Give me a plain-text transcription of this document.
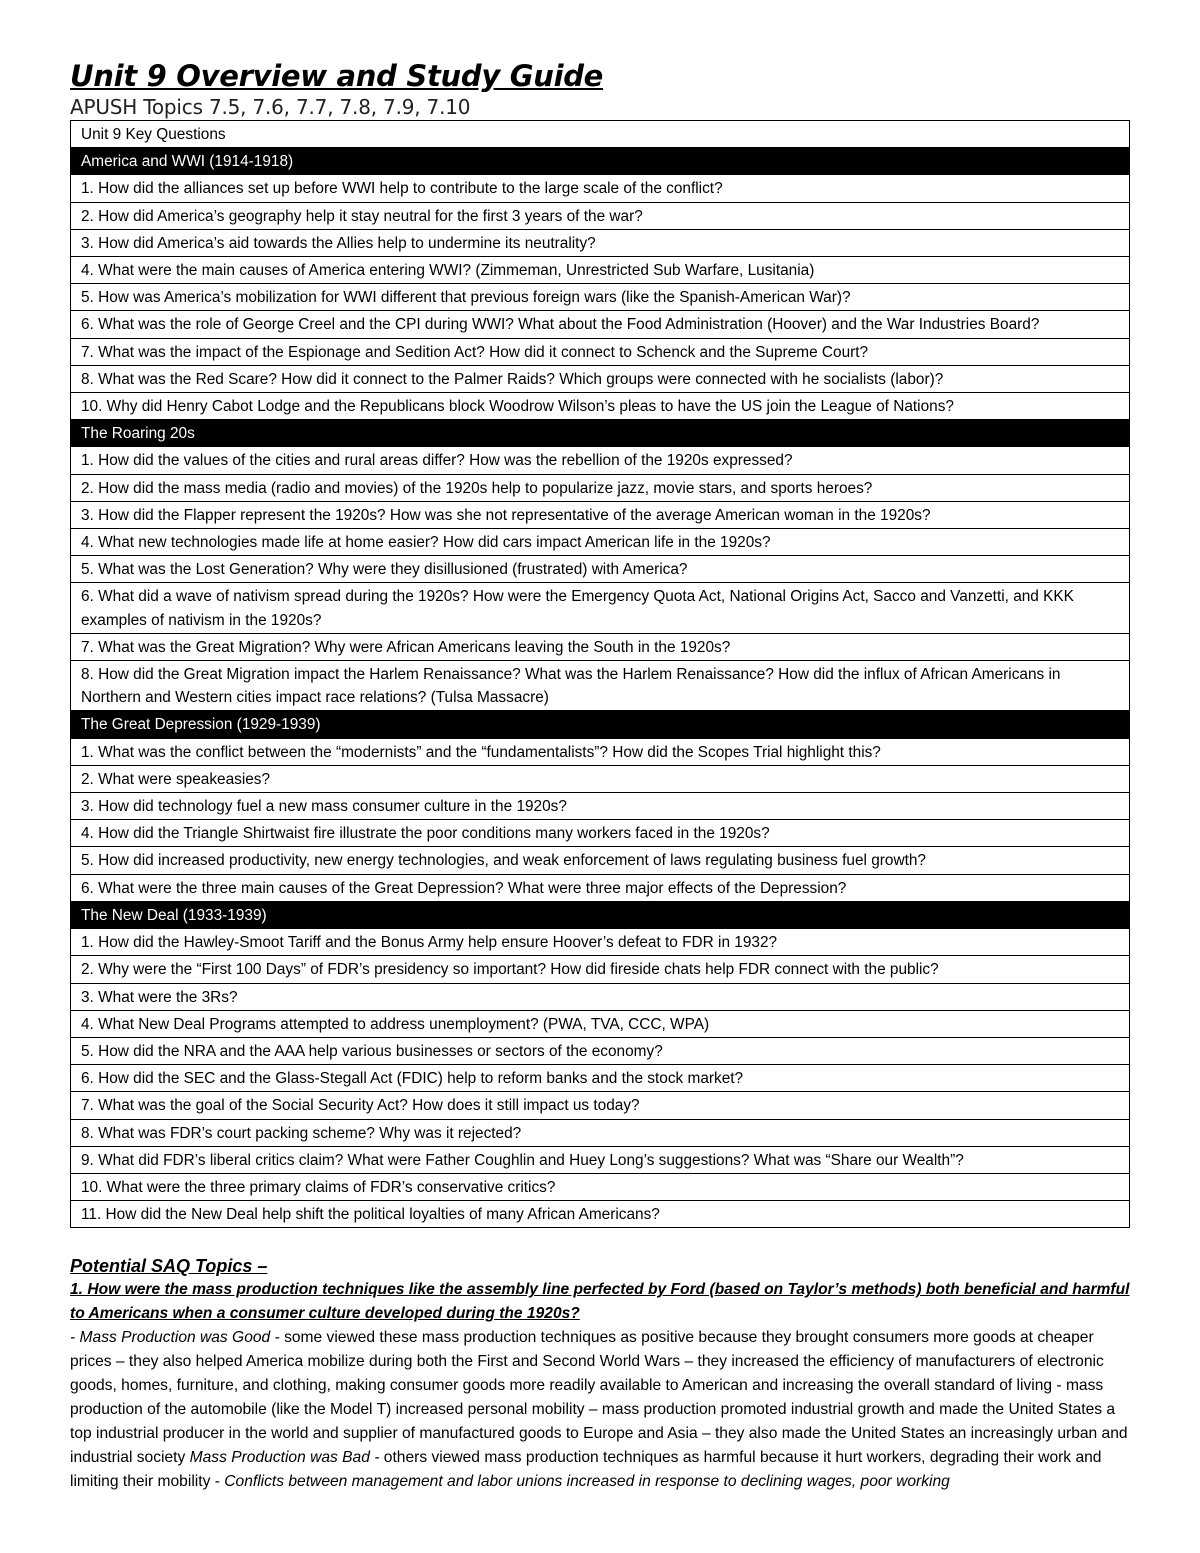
Unit 9 Overview and Study Guide
APUSH Topics 7.5, 7.6, 7.7, 7.8, 7.9, 7.10
Unit 9 Key Questions
America and WWI (1914-1918)
1. How did the alliances set up before WWI help to contribute to the large scale of the conflict?
2. How did America’s geography help it stay neutral for the first 3 years of the war?
3. How did America’s aid towards the Allies help to undermine its neutrality?
4. What were the main causes of America entering WWI? (Zimmeman, Unrestricted Sub Warfare, Lusitania)
5. How was America’s mobilization for WWI different that previous foreign wars (like the Spanish-American War)?
6. What was the role of George Creel and the CPI during WWI? What about the Food Administration (Hoover) and the War Industries Board?
7. What was the impact of the Espionage and Sedition Act? How did it connect to Schenck and the Supreme Court?
8. What was the Red Scare? How did it connect to the Palmer Raids? Which groups were connected with he socialists (labor)?
10. Why did Henry Cabot Lodge and the Republicans block Woodrow Wilson’s pleas to have the US join the League of Nations?
The Roaring 20s
1. How did the values of the cities and rural areas differ? How was the rebellion of the 1920s expressed?
2. How did the mass media (radio and movies) of the 1920s help to popularize jazz, movie stars, and sports heroes?
3. How did the Flapper represent the 1920s? How was she not representative of the average American woman in the 1920s?
4. What new technologies made life at home easier? How did cars impact American life in the 1920s?
5. What was the Lost Generation? Why were they disillusioned (frustrated) with America?
6. What did a wave of nativism spread during the 1920s? How were the Emergency Quota Act, National Origins Act, Sacco and Vanzetti, and KKK examples of nativism in the 1920s?
7. What was the Great Migration? Why were African Americans leaving the South in the 1920s?
8. How did the Great Migration impact the Harlem Renaissance? What was the Harlem Renaissance? How did the influx of African Americans in Northern and Western cities impact race relations? (Tulsa Massacre)
The Great Depression (1929-1939)
1. What was the conflict between the “modernists” and the “fundamentalists”? How did the Scopes Trial highlight this?
2. What were speakeasies?
3. How did technology fuel a new mass consumer culture in the 1920s?
4. How did the Triangle Shirtwaist fire illustrate the poor conditions many workers faced in the 1920s?
5. How did increased productivity, new energy technologies, and weak enforcement of laws regulating business fuel growth?
6. What were the three main causes of the Great Depression? What were three major effects of the Depression?
The New Deal (1933-1939)
1. How did the Hawley-Smoot Tariff and the Bonus Army help ensure Hoover’s defeat to FDR in 1932?
2. Why were the “First 100 Days” of FDR’s presidency so important? How did fireside chats help FDR connect with the public?
3. What were the 3Rs?
4. What New Deal Programs attempted to address unemployment? (PWA, TVA, CCC, WPA)
5. How did the NRA and the AAA help various businesses or sectors of the economy?
6. How did the SEC and the Glass-Stegall Act (FDIC) help to reform banks and the stock market?
7. What was the goal of the Social Security Act? How does it still impact us today?
8. What was FDR’s court packing scheme? Why was it rejected?
9. What did FDR’s liberal critics claim? What were Father Coughlin and Huey Long’s suggestions? What was “Share our Wealth”?
10. What were the three primary claims of FDR’s conservative critics?
11. How did the New Deal help shift the political loyalties of many African Americans?
Potential SAQ Topics –
1. How were the mass production techniques like the assembly line perfected by Ford (based on Taylor’s methods) both beneficial and harmful to Americans when a consumer culture developed during the 1920s?
- Mass Production was Good - some viewed these mass production techniques as positive because they brought consumers more goods at cheaper prices – they also helped America mobilize during both the First and Second World Wars – they increased the efficiency of manufacturers of electronic goods, homes, furniture, and clothing, making consumer goods more readily available to American and increasing the overall standard of living - mass production of the automobile (like the Model T) increased personal mobility – mass production promoted industrial growth and made the United States a top industrial producer in the world and supplier of manufactured goods to Europe and Asia – they also made the United States an increasingly urban and industrial society Mass Production was Bad - others viewed mass production techniques as harmful because it hurt workers, degrading their work and limiting their mobility - Conflicts between management and labor unions increased in response to declining wages, poor working
